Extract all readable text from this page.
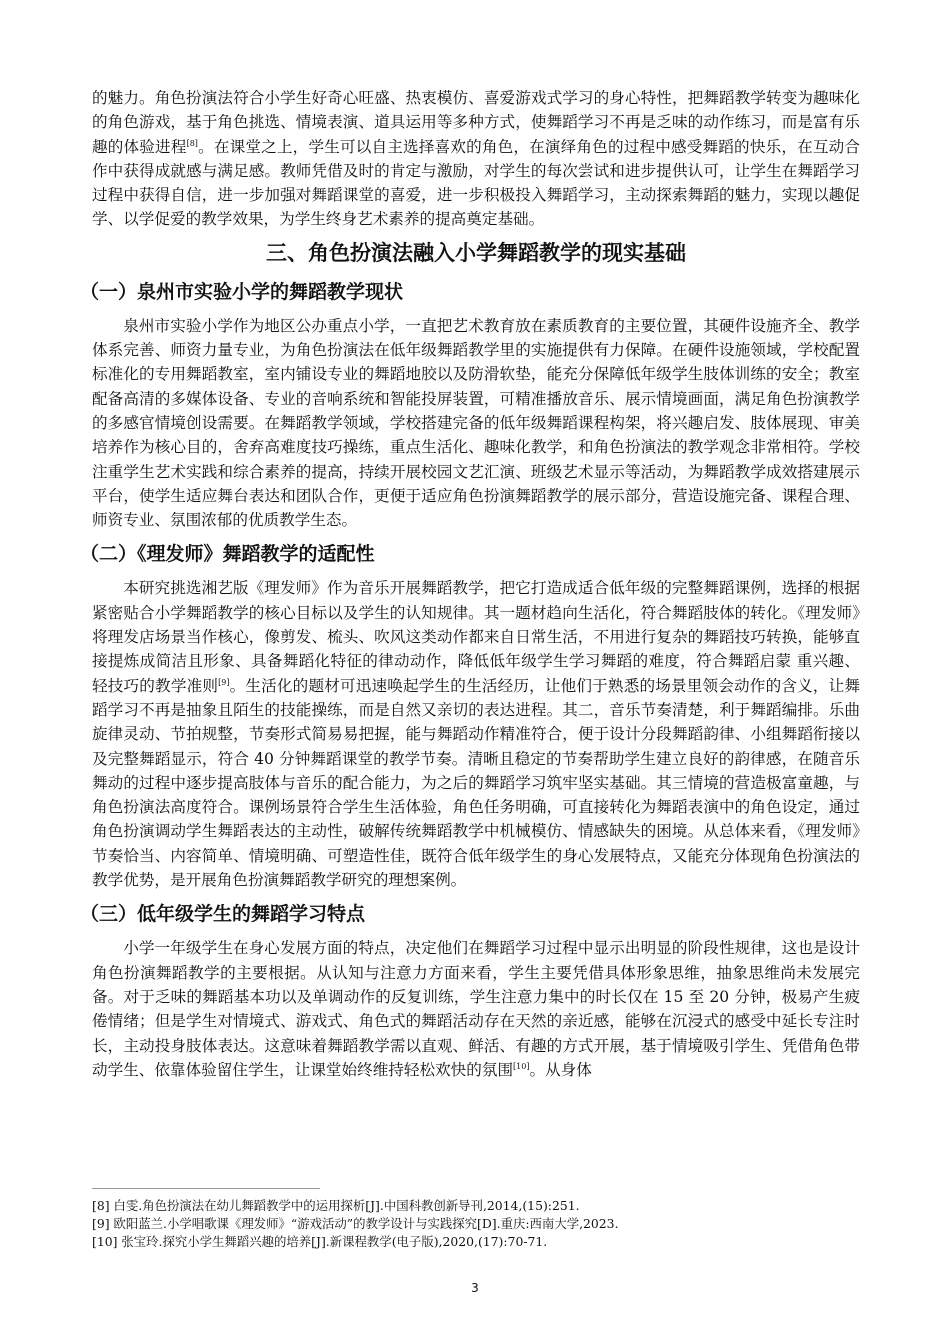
的魅力。角色扮演法符合小学生好奇心旺盛、热衷模仿、喜爱游戏式学习的身心特性，把舞蹈教学转变为趣味化的角色游戏，基于角色挑选、情境表演、道具运用等多种方式，使舞蹈学习不再是乏味的动作练习，而是富有乐趣的体验进程[8]。在课堂之上，学生可以自主选择喜欢的角色，在演绎角色的过程中感受舞蹈的快乐，在互动合作中获得成就感与满足感。教师凭借及时的肯定与激励，对学生的每次尝试和进步提供认可，让学生在舞蹈学习过程中获得自信，进一步加强对舞蹈课堂的喜爱，进一步积极投入舞蹈学习，主动探索舞蹈的魅力，实现以趣促学、以学促爱的教学效果，为学生终身艺术素养的提高奠定基础。

三、角色扮演法融入小学舞蹈教学的现实基础
（一）泉州市实验小学的舞蹈教学现状

泉州市实验小学作为地区公办重点小学，一直把艺术教育放在素质教育的主要位置，其硬件设施齐全、教学体系完善、师资力量专业，为角色扮演法在低年级舞蹈教学里的实施提供有力保障。在硬件设施领域，学校配置标准化的专用舞蹈教室，室内铺设专业的舞蹈地胶以及防滑软垫，能充分保障低年级学生肢体训练的安全；教室配备高清的多媒体设备、专业的音响系统和智能投屏装置，可精准播放音乐、展示情境画面，满足角色扮演教学的多感官情境创设需要。在舞蹈教学领域，学校搭建完备的低年级舞蹈课程构架，将兴趣启发、肢体展现、审美培养作为核心目的，舍弃高难度技巧操练，重点生活化、趣味化教学，和角色扮演法的教学观念非常相符。学校注重学生艺术实践和综合素养的提高，持续开展校园文艺汇演、班级艺术显示等活动，为舞蹈教学成效搭建展示平台，使学生适应舞台表达和团队合作，更便于适应角色扮演舞蹈教学的展示部分，营造设施完备、课程合理、师资专业、氛围浓郁的优质教学生态。

（二）《理发师》舞蹈教学的适配性

本研究挑选湘艺版《理发师》作为音乐开展舞蹈教学，把它打造成适合低年级的完整舞蹈课例，选择的根据紧密贴合小学舞蹈教学的核心目标以及学生的认知规律。其一题材趋向生活化，符合舞蹈肢体的转化。《理发师》将理发店场景当作核心，像剪发、梳头、吹风这类动作都来自日常生活，不用进行复杂的舞蹈技巧转换，能够直接提炼成简洁且形象、具备舞蹈化特征的律动动作，降低低年级学生学习舞蹈的难度，符合舞蹈启蒙 重兴趣、轻技巧的教学准则[9]。生活化的题材可迅速唤起学生的生活经历，让他们于熟悉的场景里领会动作的含义，让舞蹈学习不再是抽象且陌生的技能操练，而是自然又亲切的表达进程。其二，音乐节奏清楚，利于舞蹈编排。乐曲旋律灵动、节拍规整，节奏形式简易易把握，能与舞蹈动作精准符合，便于设计分段舞蹈韵律、小组舞蹈衔接以及完整舞蹈显示，符合 40 分钟舞蹈课堂的教学节奏。清晰且稳定的节奏帮助学生建立良好的韵律感，在随音乐舞动的过程中逐步提高肢体与音乐的配合能力，为之后的舞蹈学习筑牢坚实基础。其三情境的营造极富童趣，与角色扮演法高度符合。课例场景符合学生生活体验，角色任务明确，可直接转化为舞蹈表演中的角色设定，通过角色扮演调动学生舞蹈表达的主动性，破解传统舞蹈教学中机械模仿、情感缺失的困境。从总体来看，《理发师》节奏恰当、内容简单、情境明确、可塑造性佳，既符合低年级学生的身心发展特点，又能充分体现角色扮演法的教学优势，是开展角色扮演舞蹈教学研究的理想案例。

（三）低年级学生的舞蹈学习特点

小学一年级学生在身心发展方面的特点，决定他们在舞蹈学习过程中显示出明显的阶段性规律，这也是设计角色扮演舞蹈教学的主要根据。从认知与注意力方面来看，学生主要凭借具体形象思维，抽象思维尚未发展完备。对于乏味的舞蹈基本功以及单调动作的反复训练，学生注意力集中的时长仅在 15 至 20 分钟，极易产生疲倦情绪；但是学生对情境式、游戏式、角色式的舞蹈活动存在天然的亲近感，能够在沉浸式的感受中延长专注时长，主动投身肢体表达。这意味着舞蹈教学需以直观、鲜活、有趣的方式开展，基于情境吸引学生、凭借角色带动学生、依靠体验留住学生，让课堂始终维持轻松欢快的氛围[10]。从身体

[8] 白雯.角色扮演法在幼儿舞蹈教学中的运用探析[J].中国科教创新导刊,2014,(15):251.
[9] 欧阳蓝兰.小学唱歌课《理发师》“游戏活动”的教学设计与实践探究[D].重庆:西南大学,2023.
[10] 张宝玲.探究小学生舞蹈兴趣的培养[J].新课程教学(电子版),2020,(17):70-71.
3
